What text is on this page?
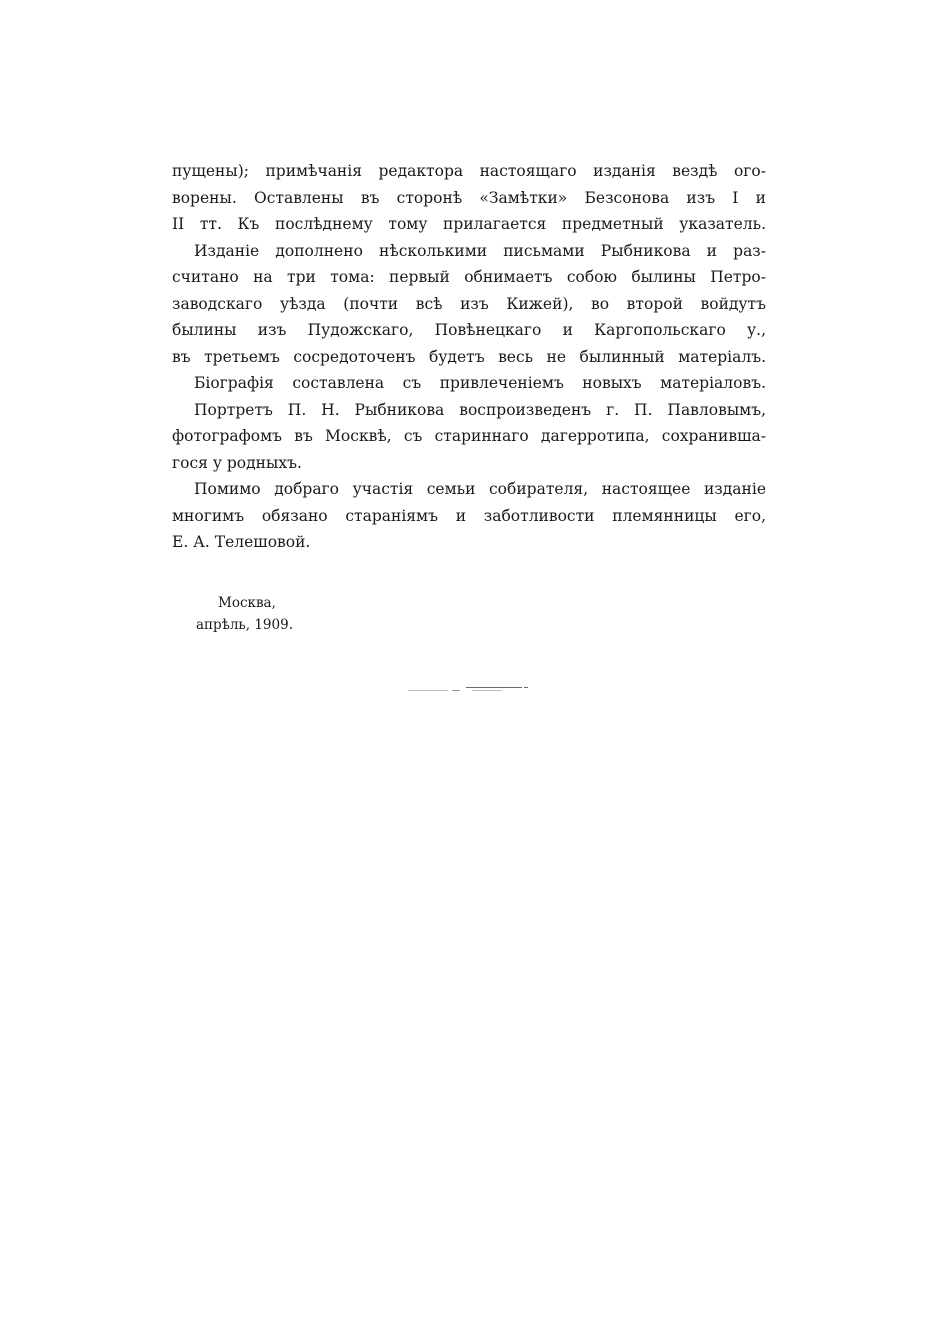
пущены); примѣчанія редактора настоящаго изданія вездѣ ого-
ворены. Оставлены въ сторонѣ «Замѣтки» Безсонова изъ I и
II тт. Къ послѣднему тому прилагается предметный указатель.
Изданіе дополнено нѣсколькими письмами Рыбникова и раз-
считано на три тома: первый обнимаетъ собою былины Петро-
заводскаго уѣзда (почти всѣ изъ Кижей), во второй войдутъ
былины изъ Пудожскаго, Повѣнецкаго и Каргопольскаго у.,
въ третьемъ сосредоточенъ будетъ весь не былинный матеріалъ.
Біографія составлена съ привлеченіемъ новыхъ матеріаловъ.
Портретъ П. Н. Рыбникова воспроизведенъ г. П. Павловымъ,
фотографомъ въ Москвѣ, съ стариннаго дагерротипа, сохранивша-
гося у родныхъ.
Помимо добраго участія семьи собирателя, настоящее изданіе
многимъ обязано стараніямъ и заботливости племянницы его,
Е. А. Телешовой.
Москва,
апрѣль, 1909.
